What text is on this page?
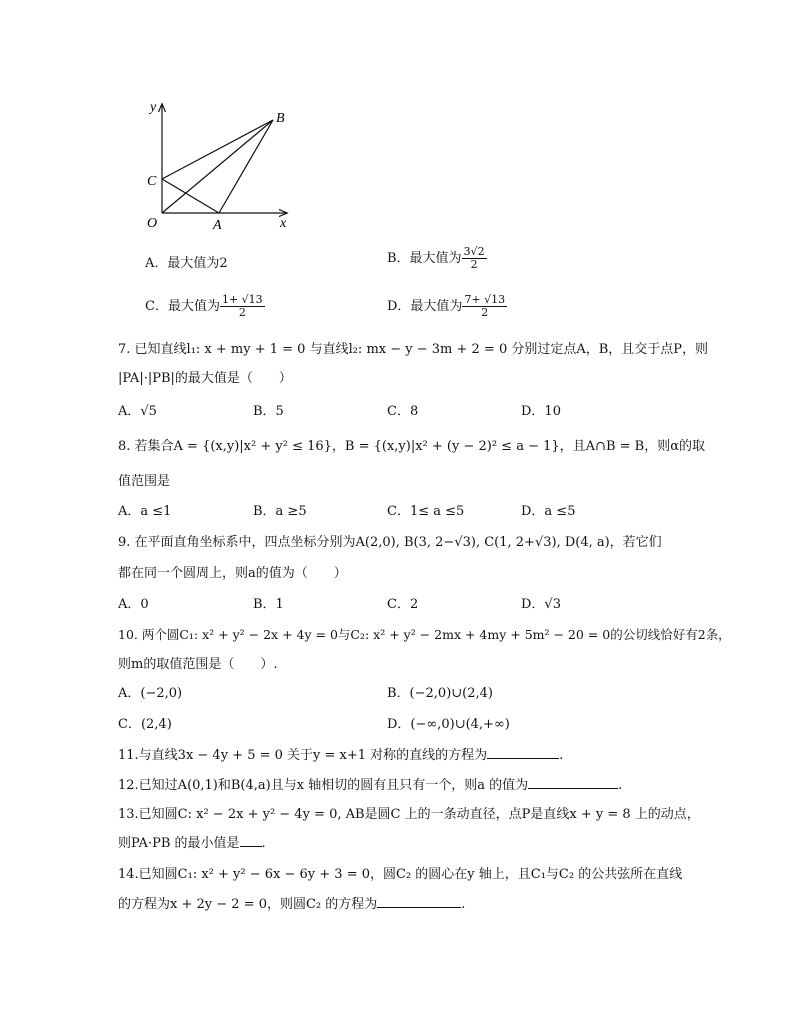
y
B
C
O	A	x
A．最大值为2	B．最大值为 $\frac{3√2}{2}$
C．最大值为 $\frac{1+ √13}{2}$	D．最大值为 $\frac{7+ √13}{2}$
7. 已知直线l₁: x + my + 1 = 0 与直线l₂: mx − y − 3m + 2 = 0 分别过定点A，B，且交于点P，则
|PA|·|PB|的最大值是（　　）
A．√5	B．5	C．8	D．10
8. 若集合A = {(x,y)|x² + y² ≤ 16}，B = {(x,y)|x² + (y − 2)² ≤ a − 1}，且A∩B = B，则α的取
值范围是
A．a ≤1	B．a ≥5	C．1≤ a ≤5	D．a ≤5
9. 在平面直角坐标系中，四点坐标分别为A(2,0), B(3, 2−√3), C(1, 2+√3), D(4, a)，若它们
都在同一个圆周上，则a的值为（　　）
A．0	B．1	C．2	D．√3
10. 两个圆C₁: x² + y² − 2x + 4y = 0与C₂: x² + y² − 2mx + 4my + 5m² − 20 = 0的公切线恰好有2条，
则m的取值范围是（　　）.
A．(−2,0)	B．(−2,0)∪(2,4)
C．(2,4)	D．(−∞,0)∪(4,+∞)
11.与直线3x − 4y + 5 = 0 关于y = x+1 对称的直线的方程为	.
12.已知过A(0,1)和B(4,a)且与x 轴相切的圆有且只有一个，则a 的值为	.
13.已知圆C: x² − 2x + y² − 4y = 0, AB是圆C 上的一条动直径，点P是直线x + y = 8 上的动点，
则PA·PB 的最小值是 .
14.已知圆C₁: x² + y² − 6x − 6y + 3 = 0，圆C₂ 的圆心在y 轴上，且C₁与C₂ 的公共弦所在直线
的方程为x + 2y − 2 = 0，则圆C₂ 的方程为	.
